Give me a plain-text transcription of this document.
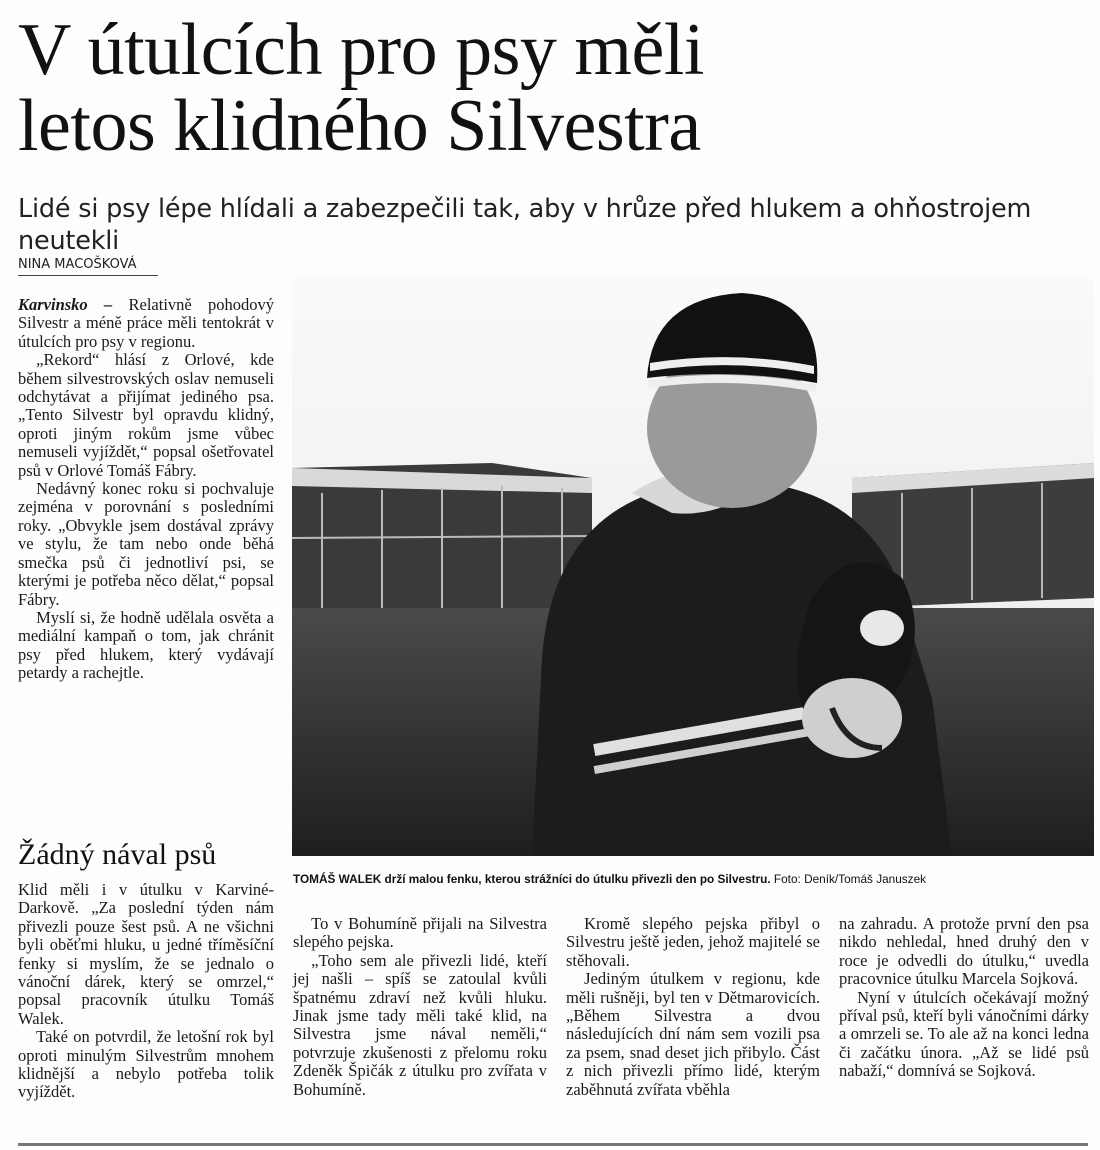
V útulcích pro psy měli
letos klidného Silvestra
Lidé si psy lépe hlídali a zabezpečili tak, aby v hrůze před hlukem a ohňostrojem neutekli
NINA MACOŠKOVÁ

Karvinsko – Relativně pohodový Silvestr a méně práce měli tentokrát v útulcích pro psy v regionu.

„Rekord“ hlásí z Orlové, kde během silvestrovských oslav nemuseli odchytávat a přijímat jediného psa. „Tento Silvestr byl opravdu klidný, oproti jiným rokům jsme vůbec nemuseli vyjíždět,“ popsal ošetřovatel psů v Orlové Tomáš Fábry.

Nedávný konec roku si pochvaluje zejména v porovnání s posledními roky. „Obvykle jsem dostával zprávy ve stylu, že tam nebo onde běhá smečka psů či jednotliví psi, se kterými je potřeba něco dělat,“ popsal Fábry.

Myslí si, že hodně udělala osvěta a mediální kampaň o tom, jak chránit psy před hlukem, který vydávají petardy a rachejtle.

Žádný nával psů

Klid měli i v útulku v Karviné-Darkově. „Za poslední týden nám přivezli pouze šest psů. A ne všichni byli oběťmi hluku, u jedné tříměsíční fenky si myslím, že se jednalo o vánoční dárek, který se omrzel,“ popsal pracovník útulku Tomáš Walek.

Také on potvrdil, že letošní rok byl oproti minulým Silvestrům mnohem klidnější a nebylo potřeba tolik vyjíždět.

TOMÁŠ WALEK drží malou fenku, kterou strážníci do útulku přivezli den po Silvestru. Foto: Deník/Tomáš Januszek

To v Bohumíně přijali na Silvestra slepého pejska.

„Toho sem ale přivezli lidé, kteří jej našli – spíš se zatoulal kvůli špatnému zdraví než kvůli hluku. Jinak jsme tady měli také klid, na Silvestra jsme nával neměli,“ potvrzuje zkušenosti z přelomu roku Zdeněk Špičák z útulku pro zvířata v Bohumíně.

Kromě slepého pejska přibyl o Silvestru ještě jeden, jehož majitelé se stěhovali.

Jediným útulkem v regionu, kde měli rušněji, byl ten v Dětmarovicích. „Během Silvestra a dvou následujících dní nám sem vozili psa za psem, snad deset jich přibylo. Část z nich přivezli přímo lidé, kterým zaběhnutá zvířata vběhla

na zahradu. A protože první den psa nikdo nehledal, hned druhý den v roce je odvedli do útulku,“ uvedla pracovnice útulku Marcela Sojková.

Nyní v útulcích očekávají možný příval psů, kteří byli vánočními dárky a omrzeli se. To ale až na konci ledna či začátku února. „Až se lidé psů nabaží,“ domnívá se Sojková.
